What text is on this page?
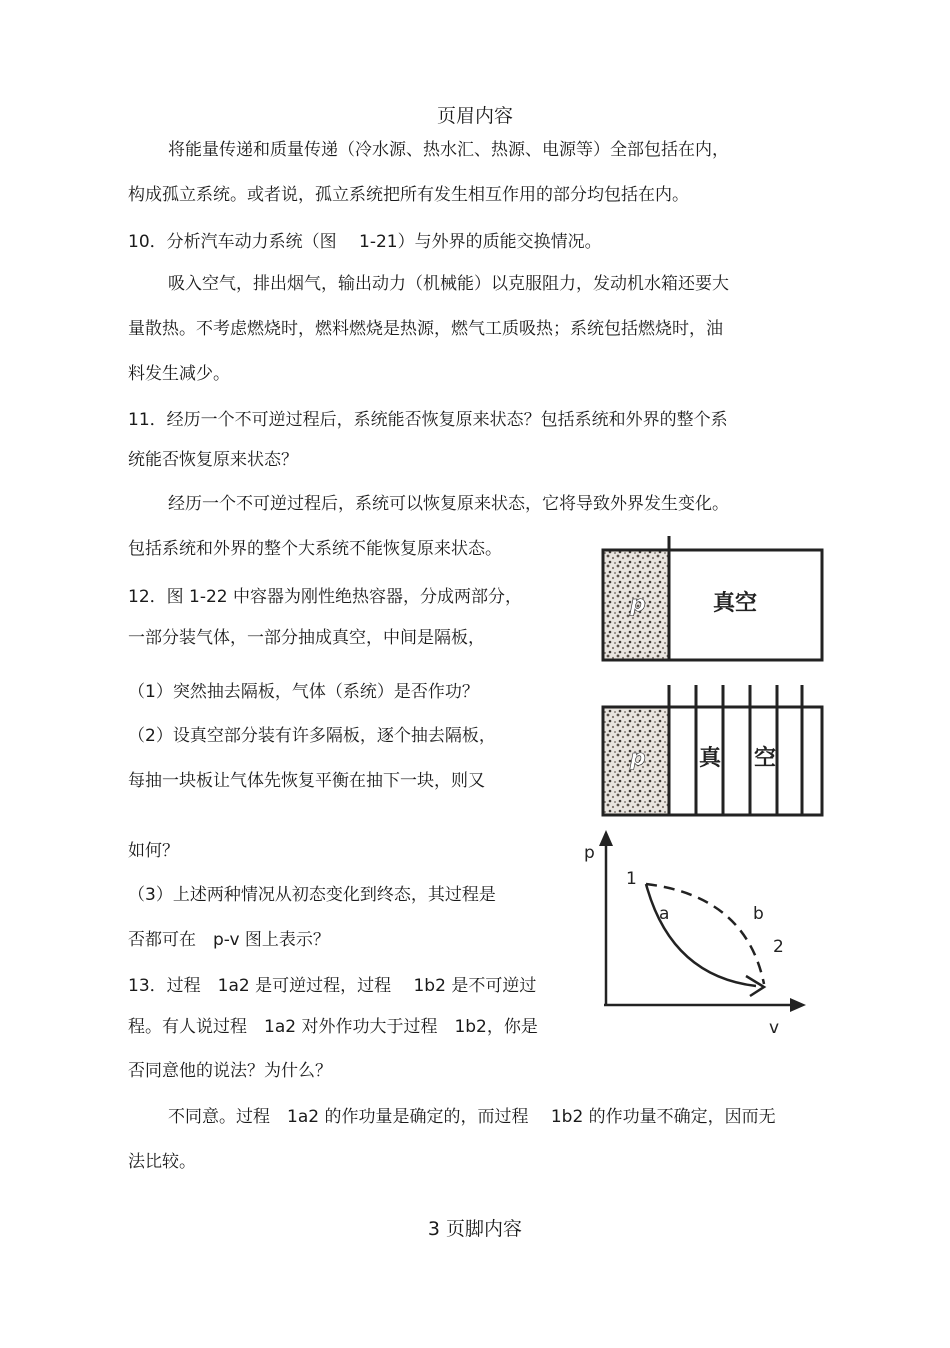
页眉内容
将能量传递和质量传递（冷水源、热水汇、热源、电源等）全部包括在内，
构成孤立系统。或者说，孤立系统把所有发生相互作用的部分均包括在内。
10．分析汽车动力系统（图　 1-21）与外界的质能交换情况。
吸入空气，排出烟气，输出动力（机械能）以克服阻力，发动机水箱还要大
量散热。不考虑燃烧时，燃料燃烧是热源，燃气工质吸热；系统包括燃烧时，油
料发生减少。
11．经历一个不可逆过程后，系统能否恢复原来状态？包括系统和外界的整个系
统能否恢复原来状态？
经历一个不可逆过程后，系统可以恢复原来状态，它将导致外界发生变化。
包括系统和外界的整个大系统不能恢复原来状态。
12．图 1-22 中容器为刚性绝热容器，分成两部分，
一部分装气体，一部分抽成真空，中间是隔板，
（1）突然抽去隔板，气体（系统）是否作功？
（2）设真空部分装有许多隔板，逐个抽去隔板，
每抽一块板让气体先恢复平衡在抽下一块，则又
如何？
（3）上述两种情况从初态变化到终态，其过程是
否都可在　p-v 图上表示？
13．过程　1a2 是可逆过程，过程　 1b2 是不可逆过
程。有人说过程　1a2 对外作功大于过程　1b2，你是
否同意他的说法？为什么？
不同意。过程　1a2 的作功量是确定的，而过程　 1b2 的作功量不确定，因而无
法比较。
p	真空
p 真 空
p
v
1
2
a	b
3 页脚内容
